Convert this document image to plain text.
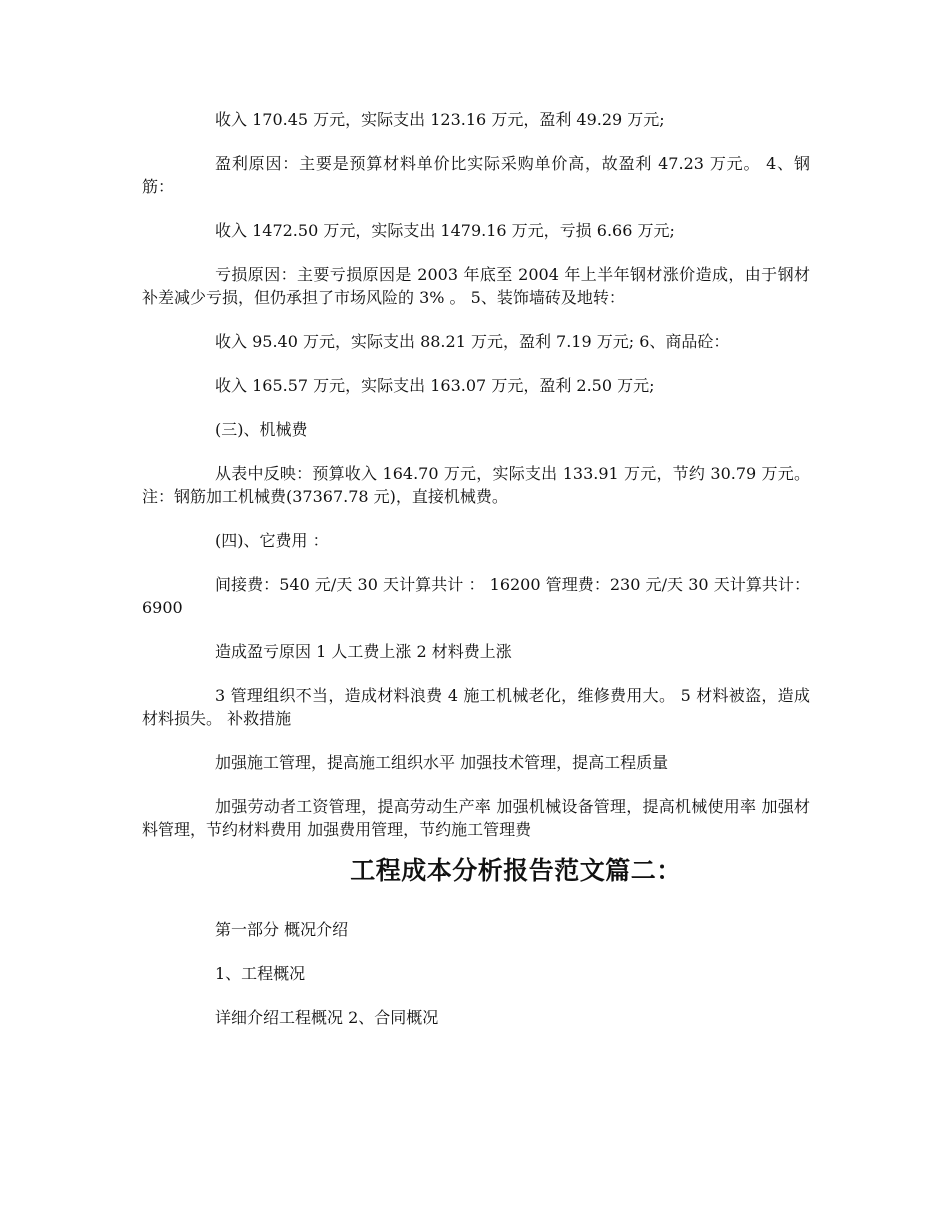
收入 170.45 万元，实际支出 123.16 万元，盈利 49.29 万元;

盈利原因：主要是预算材料单价比实际采购单价高，故盈利 47.23 万元。 4、钢筋：

收入 1472.50 万元，实际支出 1479.16 万元，亏损 6.66 万元;

亏损原因：主要亏损原因是 2003 年底至 2004 年上半年钢材涨价造成，由于钢材补差减少亏损，但仍承担了市场风险的 3% 。 5、装饰墙砖及地转：

收入 95.40 万元，实际支出 88.21 万元，盈利 7.19 万元; 6、商品砼：

收入 165.57 万元，实际支出 163.07 万元，盈利 2.50 万元;

(三)、机械费

从表中反映：预算收入 164.70 万元，实际支出 133.91 万元，节约 30.79 万元。 注：钢筋加工机械费(37367.78 元)，直接机械费。

(四)、它费用 ：

间接费：540 元/天 30 天计算共计 ： 16200 管理费：230 元/天 30 天计算共计： 6900

造成盈亏原因 1 人工费上涨 2 材料费上涨

3 管理组织不当，造成材料浪费 4 施工机械老化，维修费用大。 5 材料被盗，造成材料损失。 补救措施

加强施工管理，提高施工组织水平 加强技术管理，提高工程质量

加强劳动者工资管理，提高劳动生产率 加强机械设备管理，提高机械使用率 加强材料管理，节约材料费用 加强费用管理，节约施工管理费

工程成本分析报告范文篇二：

第一部分 概况介绍

1、工程概况

详细介绍工程概况 2、合同概况
